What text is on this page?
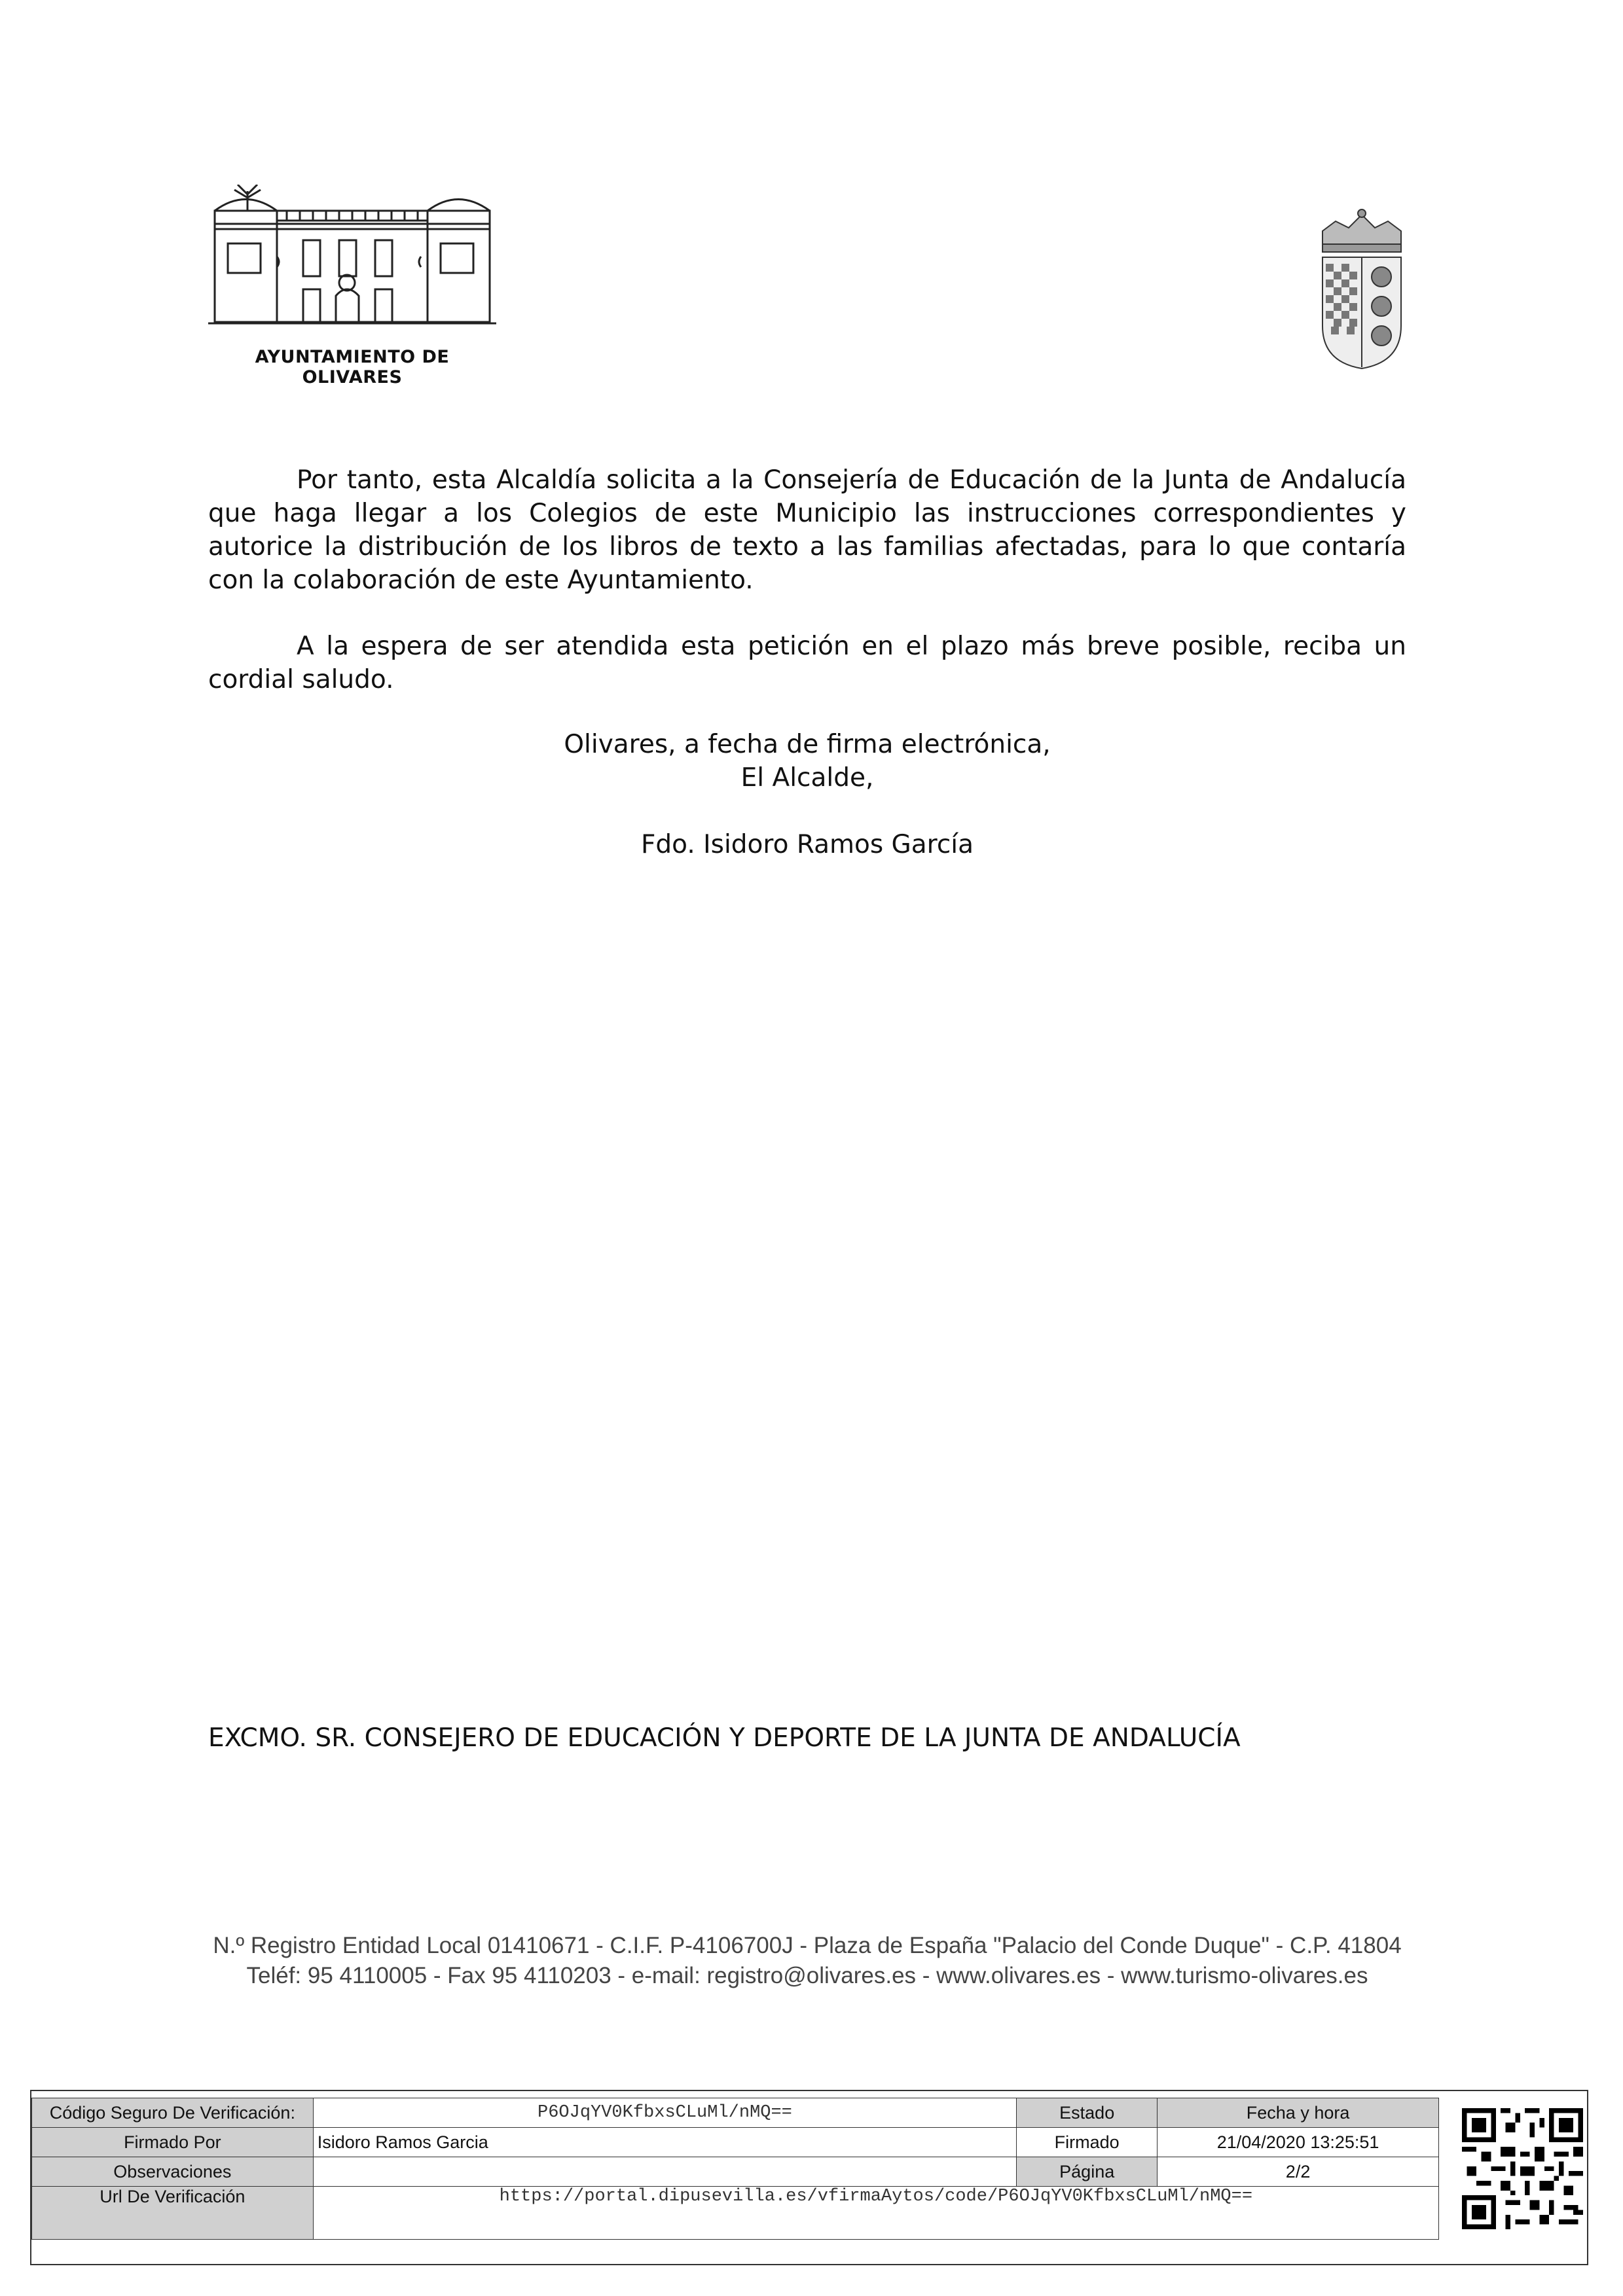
AYUNTAMIENTO DE OLIVARES
Por tanto, esta Alcaldía solicita a la Consejería de Educación de la Junta de Andalucía que haga llegar a los Colegios de este Municipio las instrucciones correspondientes y autorice la distribución de los libros de texto a las familias afectadas, para lo que contaría con la colaboración de este Ayuntamiento.
A la espera de ser atendida esta petición en el plazo más breve posible, reciba un cordial saludo.
Olivares, a fecha de firma electrónica,
El Alcalde,
Fdo. Isidoro Ramos García
EXCMO. SR. CONSEJERO DE EDUCACIÓN Y DEPORTE DE LA JUNTA DE ANDALUCÍA
N.º Registro Entidad Local 01410671 - C.I.F. P-4106700J - Plaza de España "Palacio del Conde Duque" - C.P. 41804
Teléf: 95 4110005 - Fax 95 4110203 - e-mail: registro@olivares.es - www.olivares.es - www.turismo-olivares.es
Código Seguro De Verificación:	P6OJqYV0KfbxsCLuMl/nMQ==	Estado	Fecha y hora
Firmado Por	Isidoro Ramos Garcia	Firmado	21/04/2020 13:25:51
Observaciones		Página	2/2
Url De Verificación	https://portal.dipusevilla.es/vfirmaAytos/code/P6OJqYV0KfbxsCLuMl/nMQ==		
